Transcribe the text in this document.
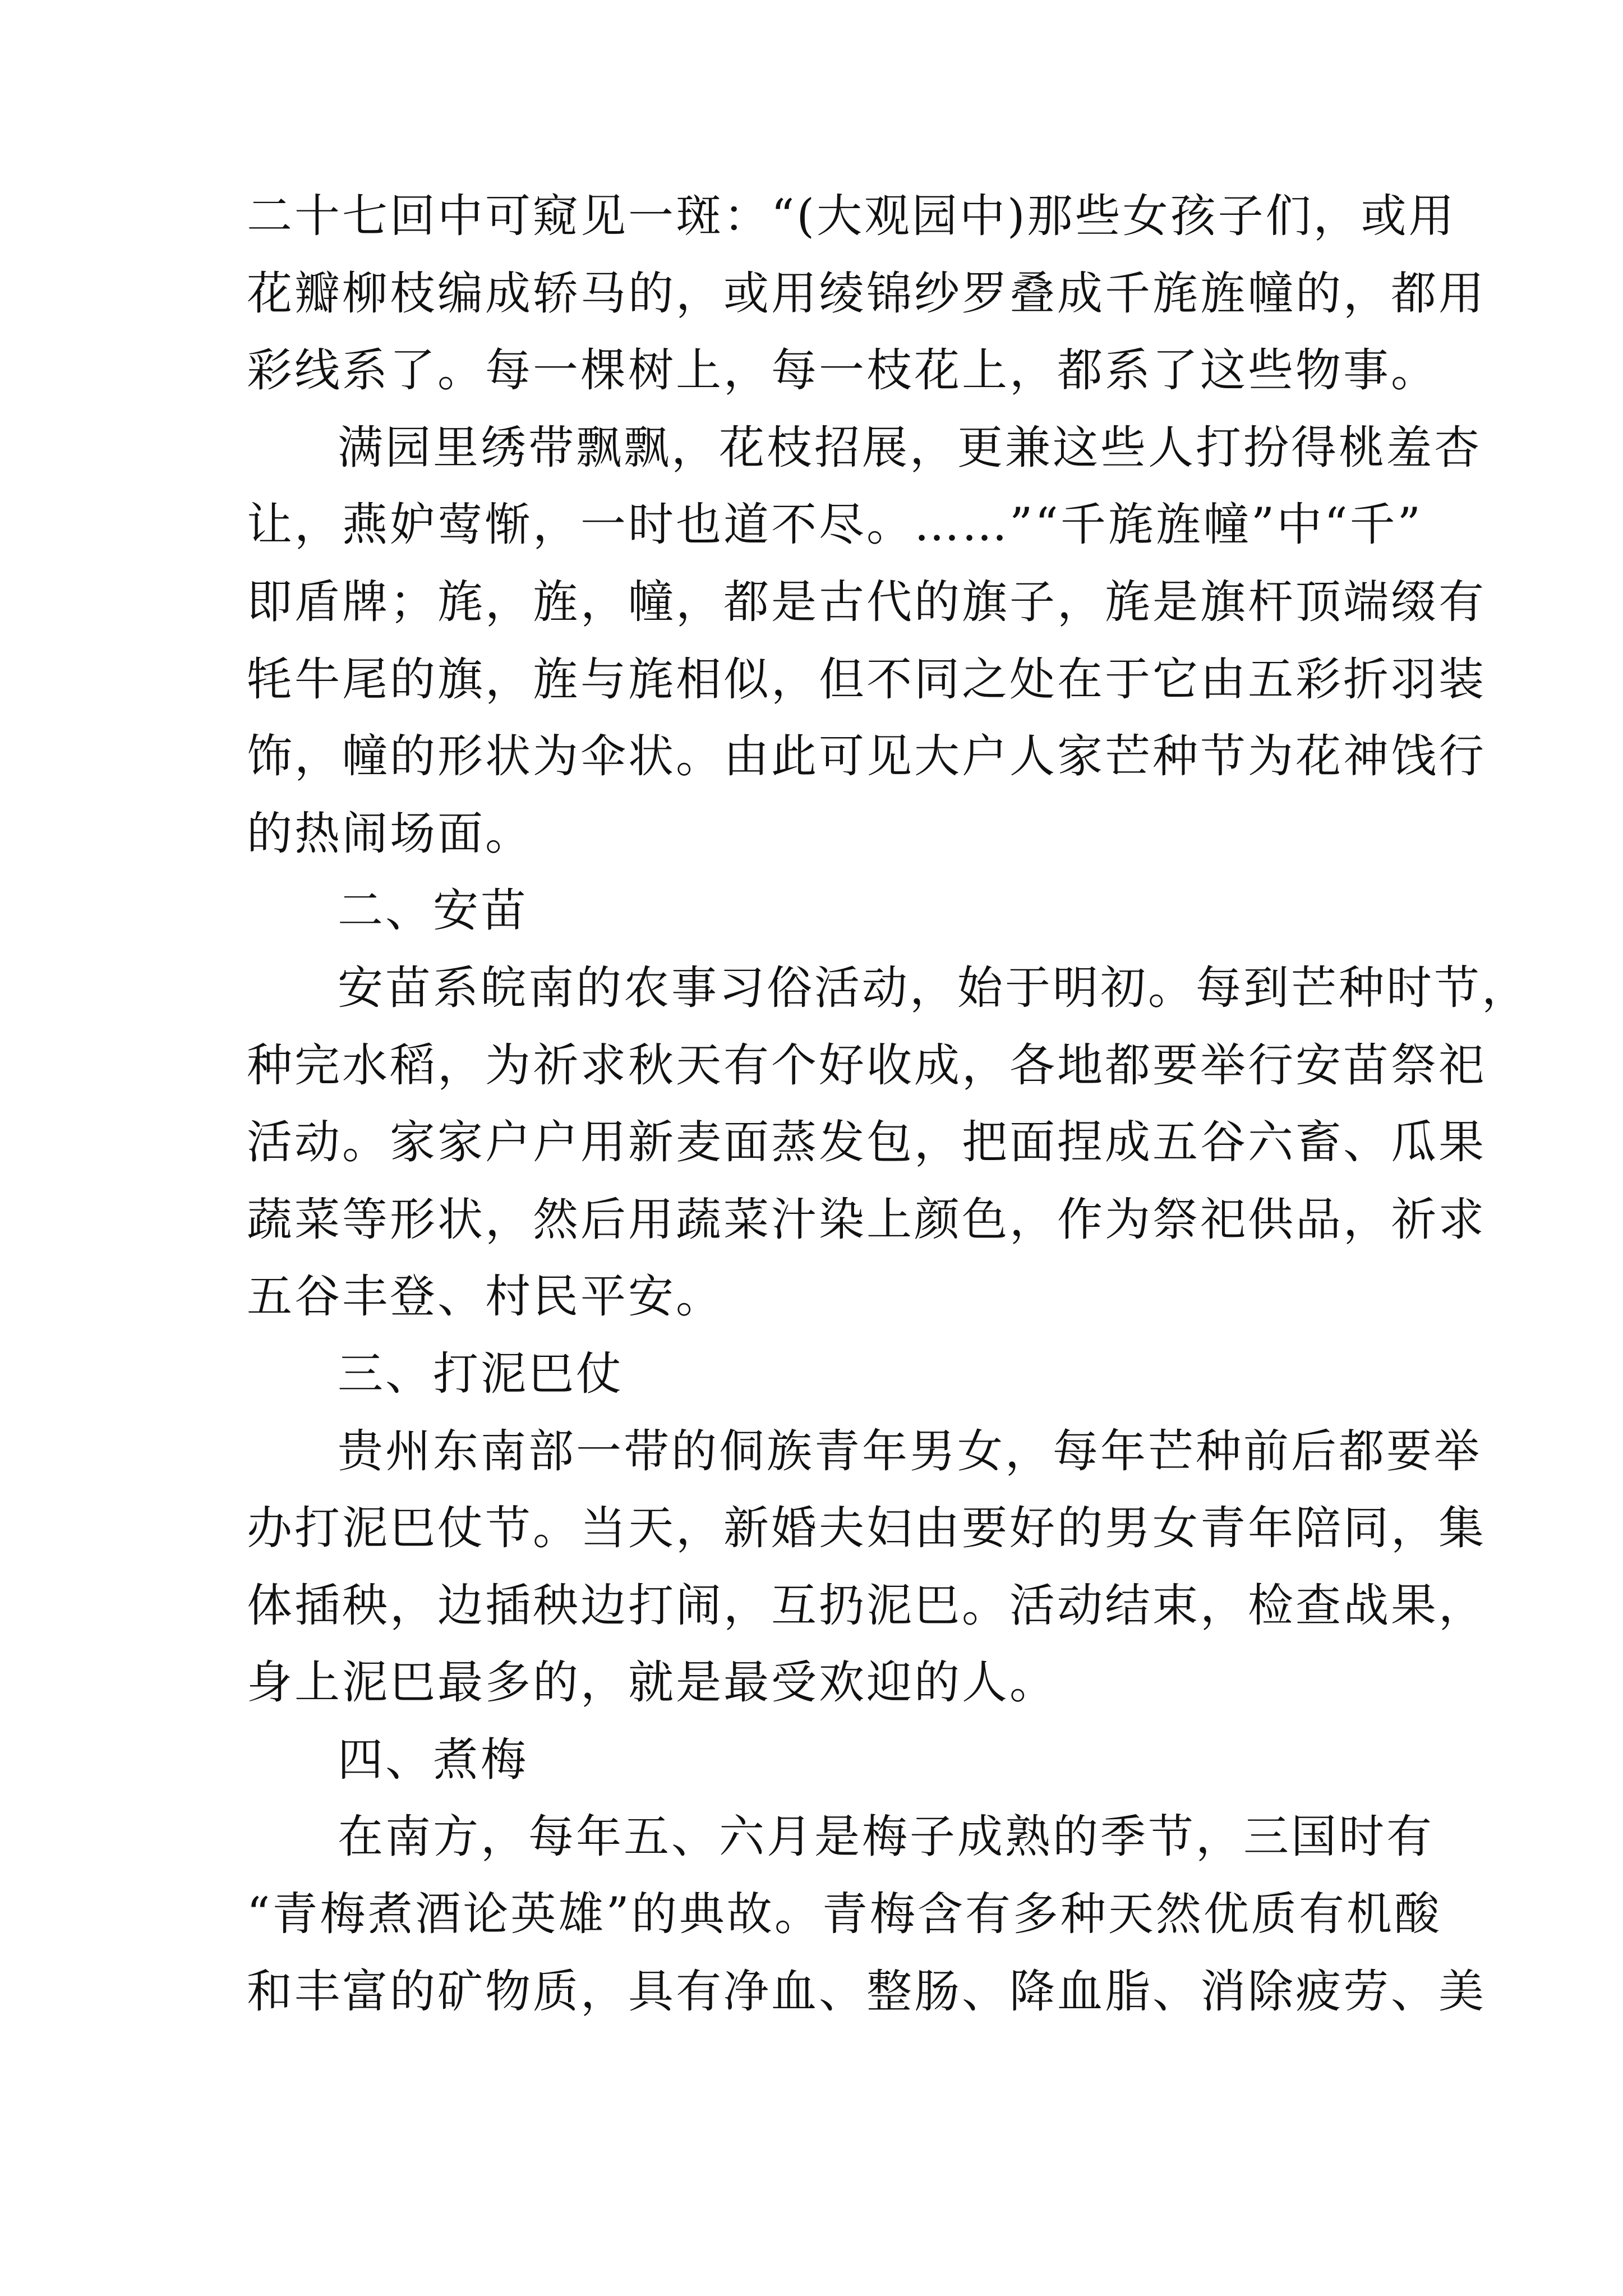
二十七回中可窥见一斑：“(大观园中)那些女孩子们，或用
花瓣柳枝编成轿马的，或用绫锦纱罗叠成千旄旌幢的，都用
彩线系了。每一棵树上，每一枝花上，都系了这些物事。
满园里绣带飘飘，花枝招展，更兼这些人打扮得桃羞杏
让，燕妒莺惭，一时也道不尽。……”“千旄旌幢”中“千”
即盾牌；旄，旌，幢，都是古代的旗子，旄是旗杆顶端缀有
牦牛尾的旗，旌与旄相似，但不同之处在于它由五彩折羽装
饰，幢的形状为伞状。由此可见大户人家芒种节为花神饯行
的热闹场面。
二、安苗
安苗系皖南的农事习俗活动，始于明初。每到芒种时节，
种完水稻，为祈求秋天有个好收成，各地都要举行安苗祭祀
活动。家家户户用新麦面蒸发包，把面捏成五谷六畜、瓜果
蔬菜等形状，然后用蔬菜汁染上颜色，作为祭祀供品，祈求
五谷丰登、村民平安。
三、打泥巴仗
贵州东南部一带的侗族青年男女，每年芒种前后都要举
办打泥巴仗节。当天，新婚夫妇由要好的男女青年陪同，集
体插秧，边插秧边打闹，互扔泥巴。活动结束，检查战果，
身上泥巴最多的，就是最受欢迎的人。
四、煮梅
在南方，每年五、六月是梅子成熟的季节，三国时有
“青梅煮酒论英雄”的典故。青梅含有多种天然优质有机酸
和丰富的矿物质，具有净血、整肠、降血脂、消除疲劳、美
